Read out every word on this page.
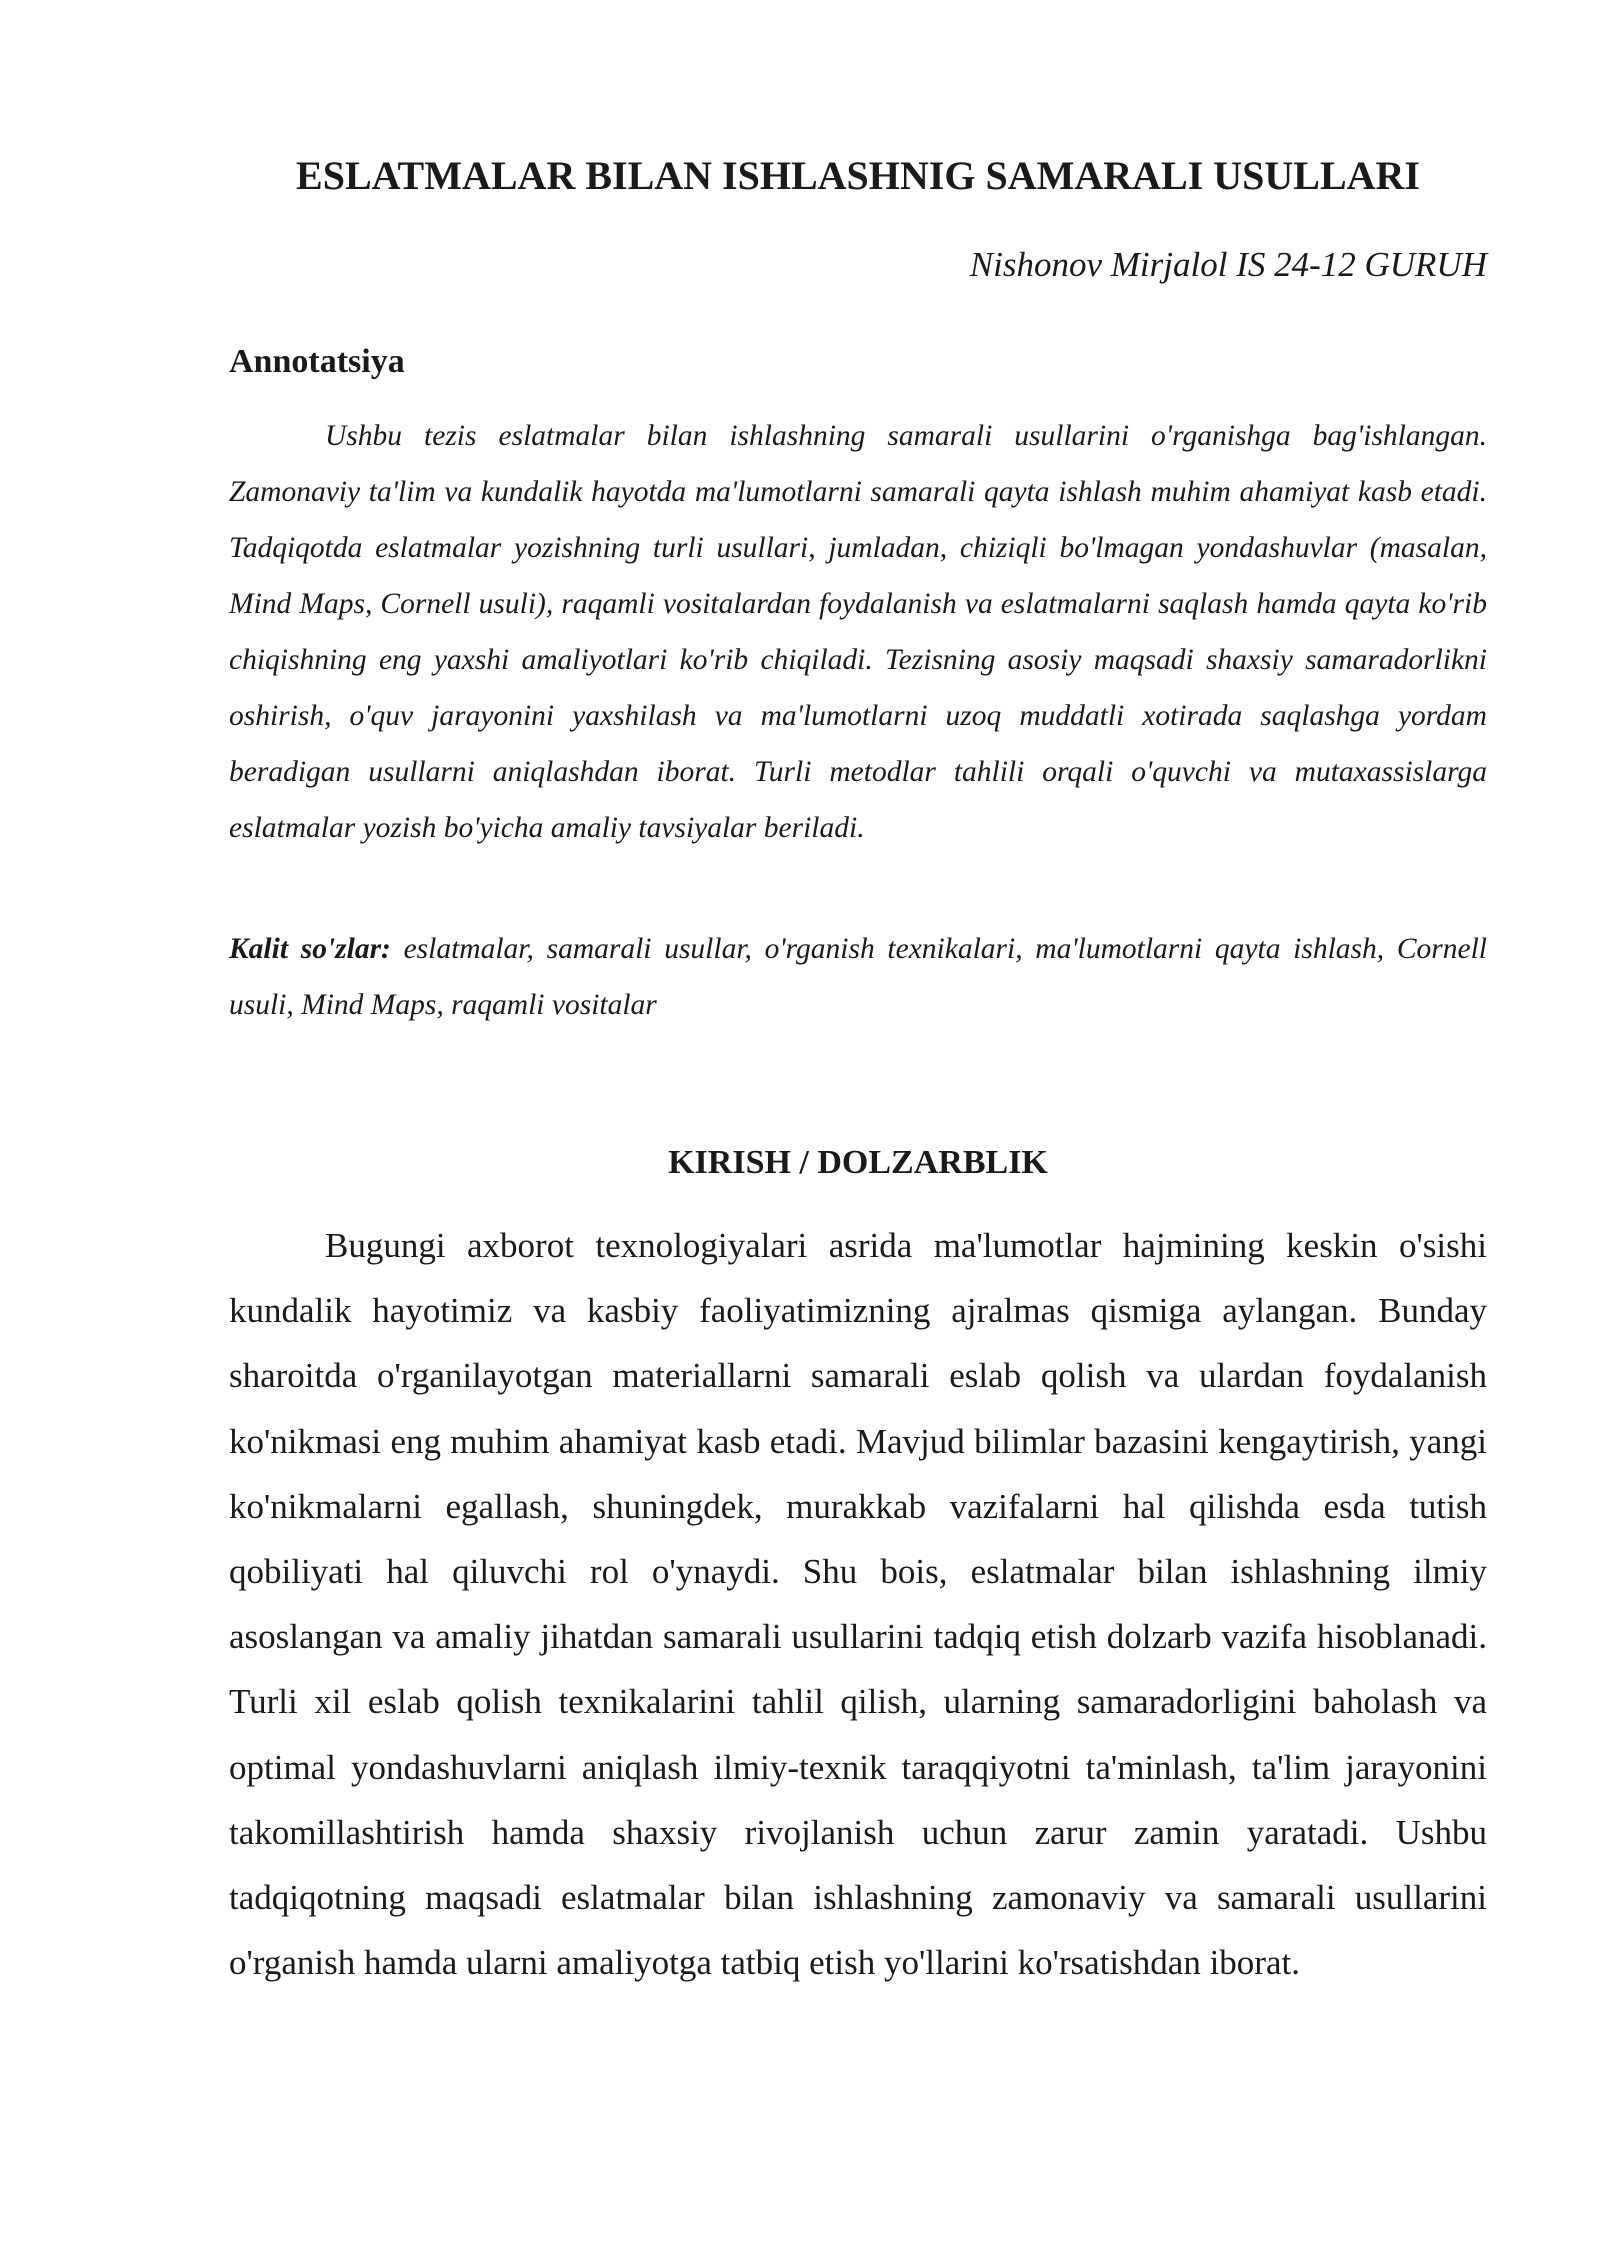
ESLATMALAR BILAN ISHLASHNIG SAMARALI USULLARI

Nishonov Mirjalol IS 24-12 GURUH

Annotatsiya

Ushbu tezis eslatmalar bilan ishlashning samarali usullarini o'rganishga bag'ishlangan. Zamonaviy ta'lim va kundalik hayotda ma'lumotlarni samarali qayta ishlash muhim ahamiyat kasb etadi. Tadqiqotda eslatmalar yozishning turli usullari, jumladan, chiziqli bo'lmagan yondashuvlar (masalan, Mind Maps, Cornell usuli), raqamli vositalardan foydalanish va eslatmalarni saqlash hamda qayta ko'rib chiqishning eng yaxshi amaliyotlari ko'rib chiqiladi. Tezisning asosiy maqsadi shaxsiy samaradorlikni oshirish, o'quv jarayonini yaxshilash va ma'lumotlarni uzoq muddatli xotirada saqlashga yordam beradigan usullarni aniqlashdan iborat. Turli metodlar tahlili orqali o'quvchi va mutaxassislarga eslatmalar yozish bo'yicha amaliy tavsiyalar beriladi.

Kalit so'zlar: eslatmalar, samarali usullar, o'rganish texnikalari, ma'lumotlarni qayta ishlash, Cornell usuli, Mind Maps, raqamli vositalar

KIRISH / DOLZARBLIK

Bugungi axborot texnologiyalari asrida ma'lumotlar hajmining keskin o'sishi kundalik hayotimiz va kasbiy faoliyatimizning ajralmas qismiga aylangan. Bunday sharoitda o'rganilayotgan materiallarni samarali eslab qolish va ulardan foydalanish ko'nikmasi eng muhim ahamiyat kasb etadi. Mavjud bilimlar bazasini kengaytirish, yangi ko'nikmalarni egallash, shuningdek, murakkab vazifalarni hal qilishda esda tutish qobiliyati hal qiluvchi rol o'ynaydi. Shu bois, eslatmalar bilan ishlashning ilmiy asoslangan va amaliy jihatdan samarali usullarini tadqiq etish dolzarb vazifa hisoblanadi. Turli xil eslab qolish texnikalarini tahlil qilish, ularning samaradorligini baholash va optimal yondashuvlarni aniqlash ilmiy-texnik taraqqiyotni ta'minlash, ta'lim jarayonini takomillashtirish hamda shaxsiy rivojlanish uchun zarur zamin yaratadi. Ushbu tadqiqotning maqsadi eslatmalar bilan ishlashning zamonaviy va samarali usullarini o'rganish hamda ularni amaliyotga tatbiq etish yo'llarini ko'rsatishdan iborat.
